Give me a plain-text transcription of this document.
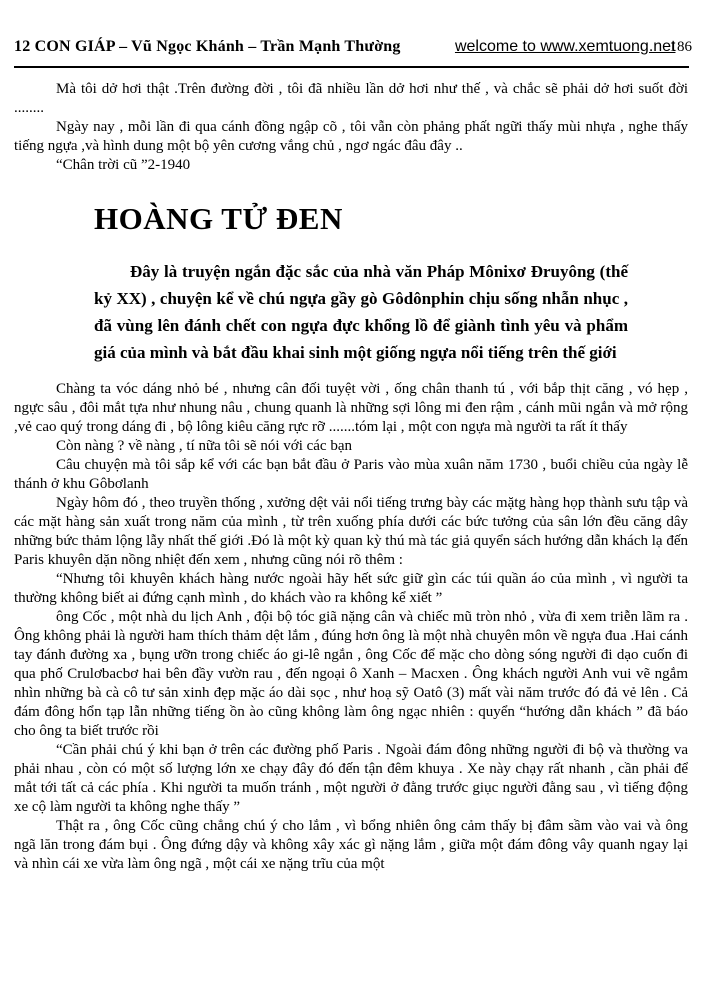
12 CON GIÁP – Vũ Ngọc Khánh – Trần Mạnh Thường	welcome to www.xemtuong.net
186

Mà tôi dở hơi thật .Trên đường đời , tôi đã nhiều lần dở hơi như thế , và chắc sẽ phải dở hơi suốt đời ........

Ngày nay , mỗi lần đi qua cánh đồng ngập cõ , tôi vẫn còn phảng phất ngữi thấy mùi nhựa , nghe thấy tiếng ngựa ,và hình dung một bộ yên cương vắng chủ , ngơ ngác đâu đây ..

“Chân trời cũ ”2-1940

HOÀNG TỬ ĐEN

Đây là truyện ngắn đặc sắc của nhà văn Pháp Mônixơ Đruyông (thế kỷ XX) , chuyện kể về chú ngựa gầy gò Gôdônphin chịu sống nhẫn nhục , đã vùng lên đánh chết con ngựa đực khổng lồ để giành tình yêu và phẩm giá của mình và bắt đầu khai sinh một giống ngựa nổi tiếng trên thế giới

Chàng ta vóc dáng nhỏ bé , nhưng cân đối tuyệt vời , ống chân thanh tú , với bắp thịt căng , vó hẹp , ngực sâu , đôi mắt tựa như nhung nâu , chung quanh là những sợi lông mi đen rậm , cánh mũi ngắn và mở rộng ,vẻ cao quý trong dáng đi , bộ lông kiêu căng rực rỡ .......tóm lại , một con ngựa mà người ta rất ít thấy

Còn nàng ? về nàng , tí nữa tôi sẽ nói với các bạn

Câu chuyện mà tôi sắp kể với các bạn bắt đầu ở Paris vào mùa xuân năm 1730 , buổi chiều của ngày lễ thánh ở khu Gôbơlanh

Ngày hôm đó , theo truyền thống , xưởng dệt vải nổi tiếng trưng bày các mặtg hàng họp thành sưu tập và các mặt hàng sản xuất trong năm của mình , từ trên xuống phía dưới các bức tưởng của sân lớn đều căng dây những bức thảm lộng lẫy nhất thế giới .Đó là một kỳ quan kỳ thú mà tác giả quyển sách hướng dẫn khách lạ đến Paris khuyên dặn nồng nhiệt đến xem , nhưng cũng nói rõ thêm :

“Nhưng tôi khuyên khách hàng nước ngoài hãy hết sức giữ gìn các túi quần áo của mình , vì người ta thường không biết ai đứng cạnh mình , do khách vào ra không kể xiết ”

ông Cốc , một nhà du lịch Anh , đội bộ tóc giã nặng cân và chiếc mũ tròn nhỏ , vừa đi xem triễn lãm ra . Ông không phải là người ham thích thảm dệt lắm , đúng hơn ông là một nhà chuyên môn về ngựa đua .Hai cánh tay đánh đường xa , bụng ưỡn trong chiếc áo gi-lê ngắn , ông Cốc để mặc cho dòng sóng người đi dạo cuốn đi qua phố Crulơbacbơ hai bên đầy vườn rau , đến ngoại ô Xanh – Macxen . Ông khách người Anh vui vẽ ngắm nhìn những bà cà cô tư sản xinh đẹp mặc áo dài sọc , như hoạ sỹ Oatô (3) mất vài năm trước đó đả vẻ lên . Cả đám đông hổn tạp lẫn những tiếng ồn ào cũng không làm ông ngạc nhiên : quyển “hướng dẫn khách ” đã báo cho ông ta biết trước rồi

“Cần phải chú ý khi bạn ở trên các đường phố Paris . Ngoài đám đông những người đi bộ và thường va phải nhau , còn có một số lượng lớn xe chạy đây đó đến tận đêm khuya . Xe này chạy rất nhanh , cần phải để mắt tới tất cả các phía . Khi người ta muốn tránh , một người ở đằng trước giục người đằng sau , vì tiếng động xe cộ làm người ta không nghe thấy ”

Thật ra , ông Cốc cũng chẳng chú ý cho lắm , vì bổng nhiên ông cảm thấy bị đâm sầm vào vai và ông ngã lăn trong đám bụi . Ông đứng dậy và không xây xác gì nặng lắm , giữa một đám đông vây quanh ngay lại và nhìn cái xe vừa làm ông ngã , một cái xe nặng trĩu của một
